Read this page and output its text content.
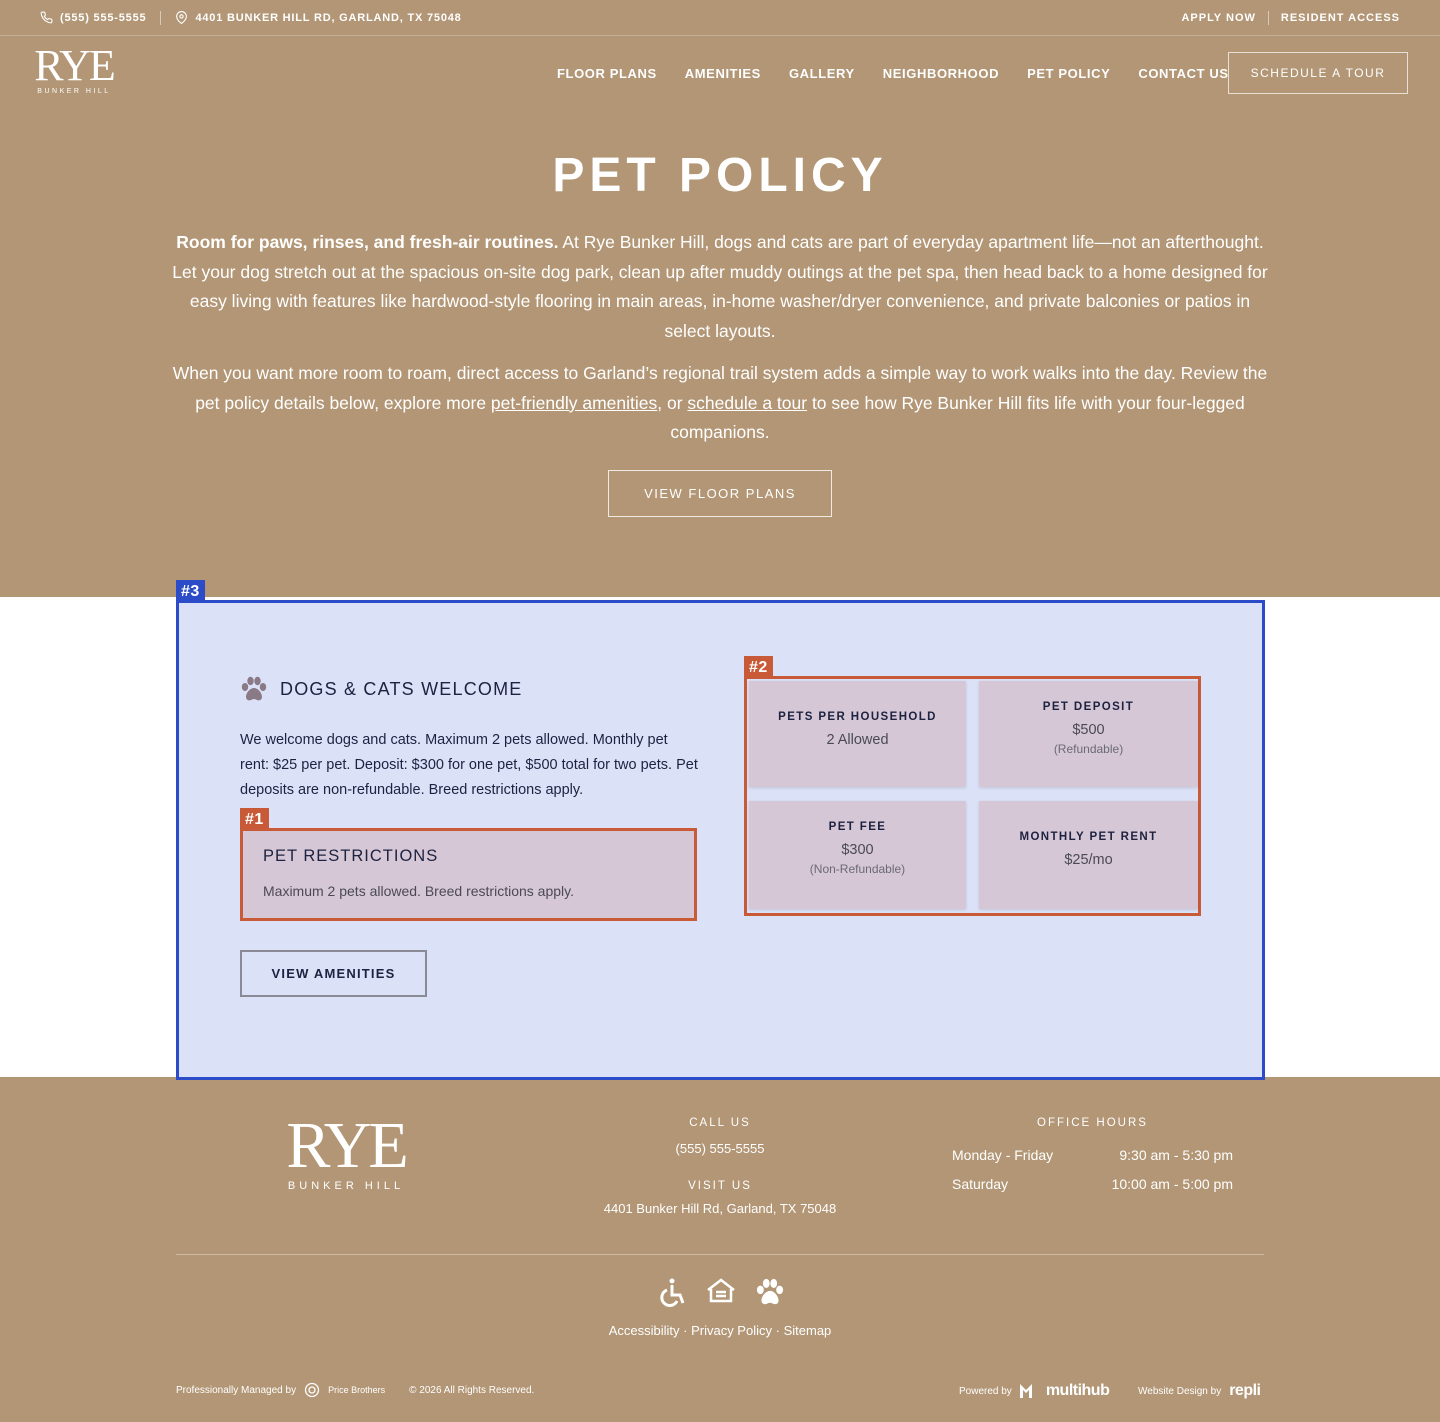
(555) 555-5555	4401 BUNKER HILL RD, GARLAND, TX 75048	APPLY NOW RESIDENT ACCESS
RYE
BUNKER HILL
FLOOR PLANS AMENITIES GALLERY NEIGHBORHOOD PET POLICY CONTACT US	SCHEDULE A TOUR
PET POLICY

Room for paws, rinses, and fresh-air routines. At Rye Bunker Hill, dogs and cats are part of everyday apartment life—not an afterthought. Let your dog stretch out at the spacious on-site dog park, clean up after muddy outings at the pet spa, then head back to a home designed for easy living with features like hardwood-style flooring in main areas, in-home washer/dryer convenience, and private balconies or patios in select layouts.

When you want more room to roam, direct access to Garland’s regional trail system adds a simple way to work walks into the day. Review the pet policy details below, explore more pet-friendly amenities, or schedule a tour to see how Rye Bunker Hill fits life with your four-legged companions.

VIEW FLOOR PLANS
#3
DOGS & CATS WELCOME

We welcome dogs and cats. Maximum 2 pets allowed. Monthly pet rent: $25 per pet. Deposit: $300 for one pet, $500 total for two pets. Pet deposits are non-refundable. Breed restrictions apply.

#1
PET RESTRICTIONS
Maximum 2 pets allowed. Breed restrictions apply.
VIEW AMENITIES
#2
PETS PER HOUSEHOLD
2 Allowed
PET DEPOSIT
$500
(Refundable)
PET FEE
$300
(Non-Refundable)
MONTHLY PET RENT
$25/mo
RYE
BUNKER HILL
CALL US
(555) 555-5555
VISIT US
4401 Bunker Hill Rd, Garland, TX 75048
OFFICE HOURS
Monday - Friday	9:30 am - 5:30 pm
Saturday	10:00 am - 5:00 pm
Accessibility · Privacy Policy · Sitemap
Professionally Managed by	Price Brothers © 2026 All Rights Reserved.	Powered by multihub	Website Design by repli
